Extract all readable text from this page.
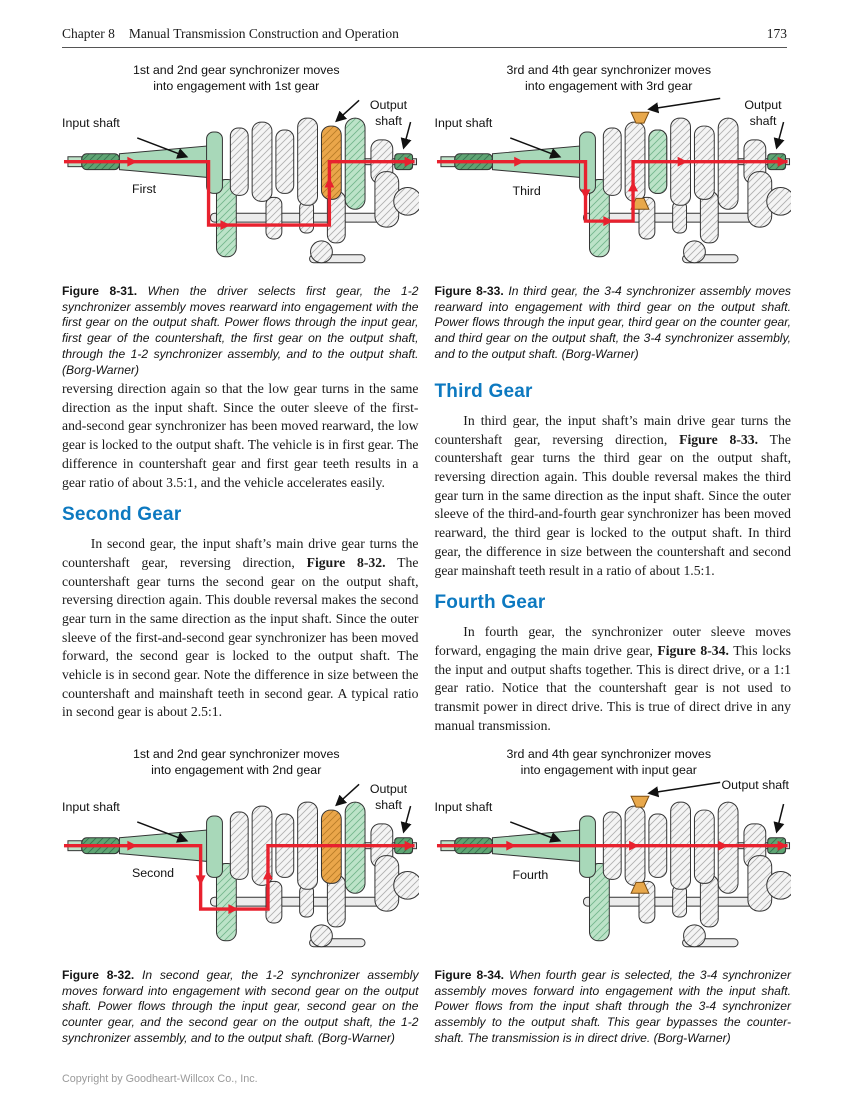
Chapter 8 Manual Transmission Construction and Operation	173
1st and 2nd gear synchronizer moves
into engagement with 1st gear
Input shaft
Output
shaft
First
3rd and 4th gear synchronizer moves
into engagement with 3rd gear
Input shaft
Output
shaft
Third

Figure 8-31. When the driver selects first gear, the 1-2 synchronizer assembly moves rearward into engagement with the first gear on the output shaft. Power flows through the input gear, first gear of the countershaft, the first gear on the output shaft, through the 1-2 synchronizer assembly, and to the output shaft. (Borg-Warner)

Figure 8-33. In third gear, the 3-4 synchronizer assembly moves rearward into engagement with third gear on the output shaft. Power flows through the input gear, third gear on the counter gear, and third gear on the output shaft, the 3-4 synchronizer assembly, and to the output shaft. (Borg-Warner)

reversing direction again so that the low gear turns in the same direction as the input shaft. Since the outer sleeve of the first-and-second gear synchronizer has been moved rearward, the low gear is locked to the output shaft. The vehicle is in first gear. The difference in countershaft gear and first gear teeth results in a gear ratio of about 3.5:1, and the vehicle accelerates easily.

Second Gear

In second gear, the input shaft’s main drive gear turns the countershaft gear, reversing direction, Figure 8-32. The countershaft gear turns the second gear on the output shaft, reversing direction again. This double reversal makes the second gear turn in the same direction as the input shaft. Since the outer sleeve of the first-and-second gear synchronizer has been moved forward, the second gear is locked to the output shaft. The vehicle is in second gear. Note the difference in size between the countershaft and mainshaft teeth in second gear. A typical ratio in second gear is about 2.5:1.

Third Gear

In third gear, the input shaft’s main drive gear turns the countershaft gear, reversing direction, Figure 8-33. The countershaft gear turns the third gear on the output shaft, reversing direction again. This double reversal makes the third gear turn in the same direction as the input shaft. Since the outer sleeve of the third-and-fourth gear synchronizer has been moved rearward, the third gear is locked to the output shaft. In third gear, the difference in size between the countershaft and second gear mainshaft teeth result in a ratio of about 1.5:1.

Fourth Gear

In fourth gear, the synchronizer outer sleeve moves forward, engaging the main drive gear, Figure 8-34. This locks the input and output shafts together. This is direct drive, or a 1:1 gear ratio. Notice that the countershaft gear is not used to transmit power in direct drive. This is true of direct drive in any manual transmission.

1st and 2nd gear synchronizer moves
into engagement with 2nd gear
Input shaft
Output
shaft
Second
3rd and 4th gear synchronizer moves
into engagement with input gear
Input shaft
Output shaft
Fourth

Figure 8-32. In second gear, the 1-2 synchronizer assembly moves forward into engagement with second gear on the output shaft. Power flows through the input gear, second gear on the counter gear, and the second gear on the output shaft, the 1-2 synchronizer assembly, and to the output shaft. (Borg-Warner)

Figure 8-34. When fourth gear is selected, the 3-4 synchronizer assembly moves forward into engagement with the input shaft. Power flows from the input shaft through the 3-4 synchronizer assembly to the output shaft. This gear bypasses the counter-shaft. The transmission is in direct drive. (Borg-Warner)

Copyright by Goodheart-Willcox Co., Inc.
